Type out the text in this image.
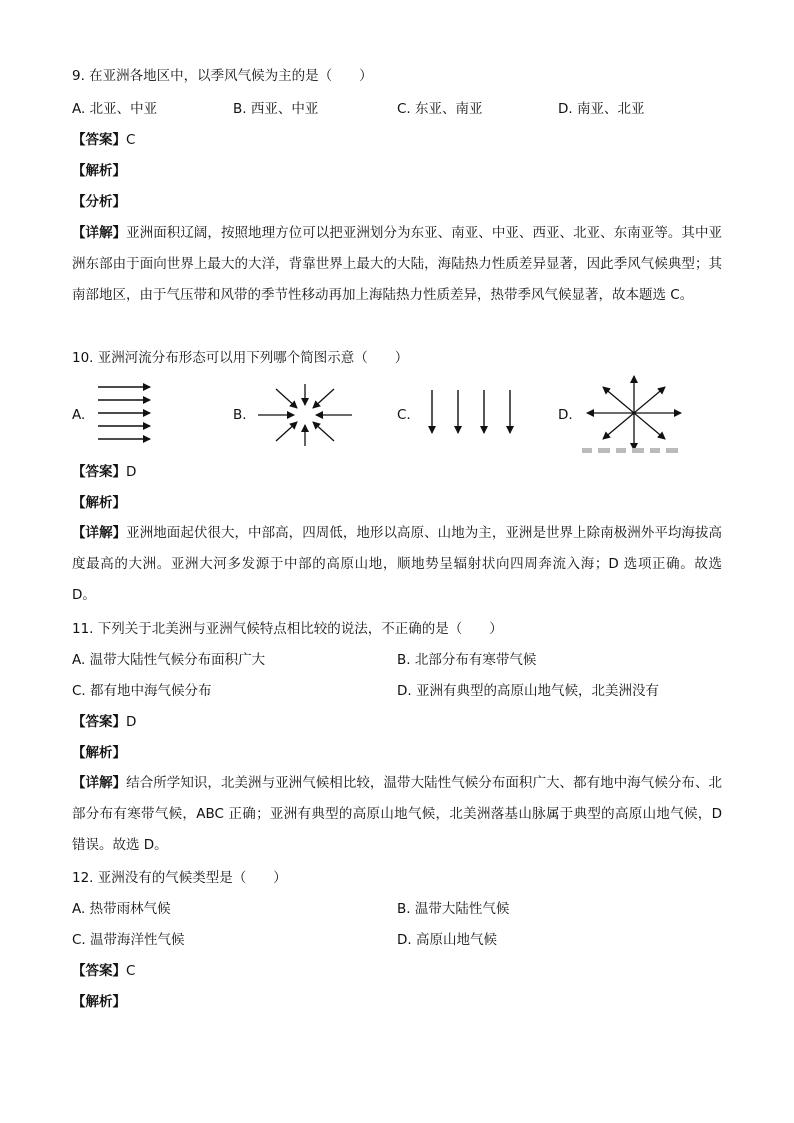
9. 在亚洲各地区中，以季风气候为主的是（　　）
A. 北亚、中亚	B. 西亚、中亚	C. 东亚、南亚	D. 南亚、北亚
【答案】C
【解析】
【分析】
【详解】亚洲面积辽阔，按照地理方位可以把亚洲划分为东亚、南亚、中亚、西亚、北亚、东南亚等。其中亚洲东部由于面向世界上最大的大洋，背靠世界上最大的大陆，海陆热力性质差异显著，因此季风气候典型；其南部地区，由于气压带和风带的季节性移动再加上海陆热力性质差异，热带季风气候显著，故本题选 C。
10. 亚洲河流分布形态可以用下列哪个简图示意（　　）
A.	B.	C.	D.
【答案】D
【解析】
【详解】亚洲地面起伏很大，中部高，四周低，地形以高原、山地为主，亚洲是世界上除南极洲外平均海拔高度最高的大洲。亚洲大河多发源于中部的高原山地，顺地势呈辐射状向四周奔流入海；D 选项正确。故选 D。
11. 下列关于北美洲与亚洲气候特点相比较的说法，不正确的是（　　）
A. 温带大陆性气候分布面积广大	B. 北部分布有寒带气候
C. 都有地中海气候分布	D. 亚洲有典型的高原山地气候，北美洲没有
【答案】D
【解析】
【详解】结合所学知识，北美洲与亚洲气候相比较，温带大陆性气候分布面积广大、都有地中海气候分布、北部分布有寒带气候，ABC 正确；亚洲有典型的高原山地气候，北美洲落基山脉属于典型的高原山地气候，D 错误。故选 D。
12. 亚洲没有的气候类型是（　　）
A. 热带雨林气候	B. 温带大陆性气候
C. 温带海洋性气候	D. 高原山地气候
【答案】C
【解析】
